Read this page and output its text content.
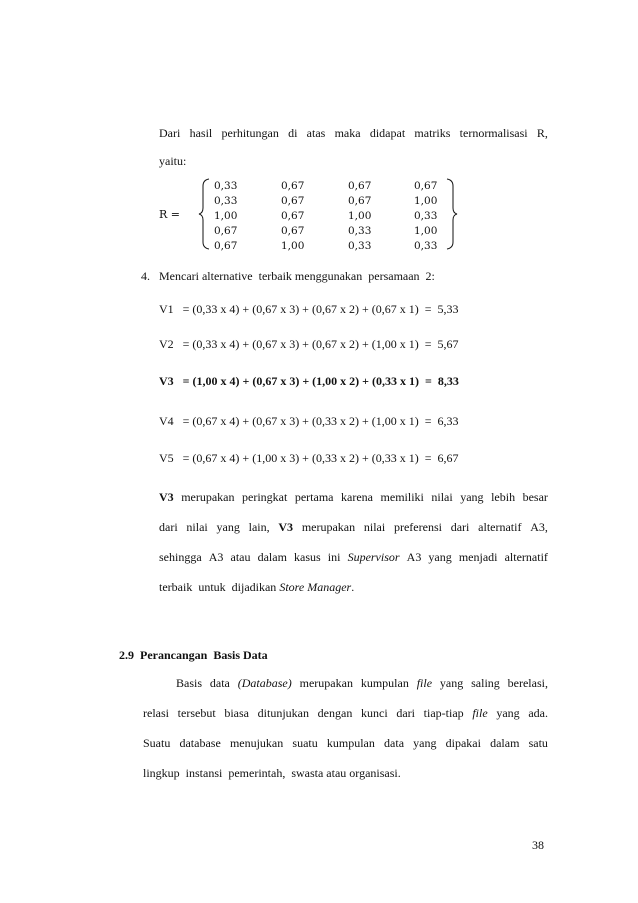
Dari hasil perhitungan di atas maka didapat matriks ternormalisasi R,
yaitu:
R =
0,33	0,67	0,67	0,67
0,33	0,67	0,67	1,00
1,00	0,67	1,00	0,33
0,67	0,67	0,33	1,00
0,67	1,00	0,33	0,33
4. Mencari alternative  terbaik menggunakan  persamaan  2:
V1   = (0,33 x 4) + (0,67 x 3) + (0,67 x 2) + (0,67 x 1)  =  5,33
V2   = (0,33 x 4) + (0,67 x 3) + (0,67 x 2) + (1,00 x 1)  =  5,67
V3   = (1,00 x 4) + (0,67 x 3) + (1,00 x 2) + (0,33 x 1)  =  8,33
V4   = (0,67 x 4) + (0,67 x 3) + (0,33 x 2) + (1,00 x 1)  =  6,33
V5   = (0,67 x 4) + (1,00 x 3) + (0,33 x 2) + (0,33 x 1)  =  6,67
V3 merupakan peringkat pertama karena memiliki nilai yang lebih besar
dari nilai yang lain, V3 merupakan nilai preferensi dari alternatif A3,
sehingga A3 atau dalam kasus ini Supervisor A3 yang menjadi alternatif
terbaik  untuk  dijadikan Store Manager.
2.9  Perancangan  Basis Data
Basis data (Database) merupakan kumpulan file yang saling berelasi,
relasi tersebut biasa ditunjukan dengan kunci dari tiap-tiap file yang ada.
Suatu database menujukan suatu kumpulan data yang dipakai dalam satu
lingkup  instansi  pemerintah,  swasta atau organisasi.
38
